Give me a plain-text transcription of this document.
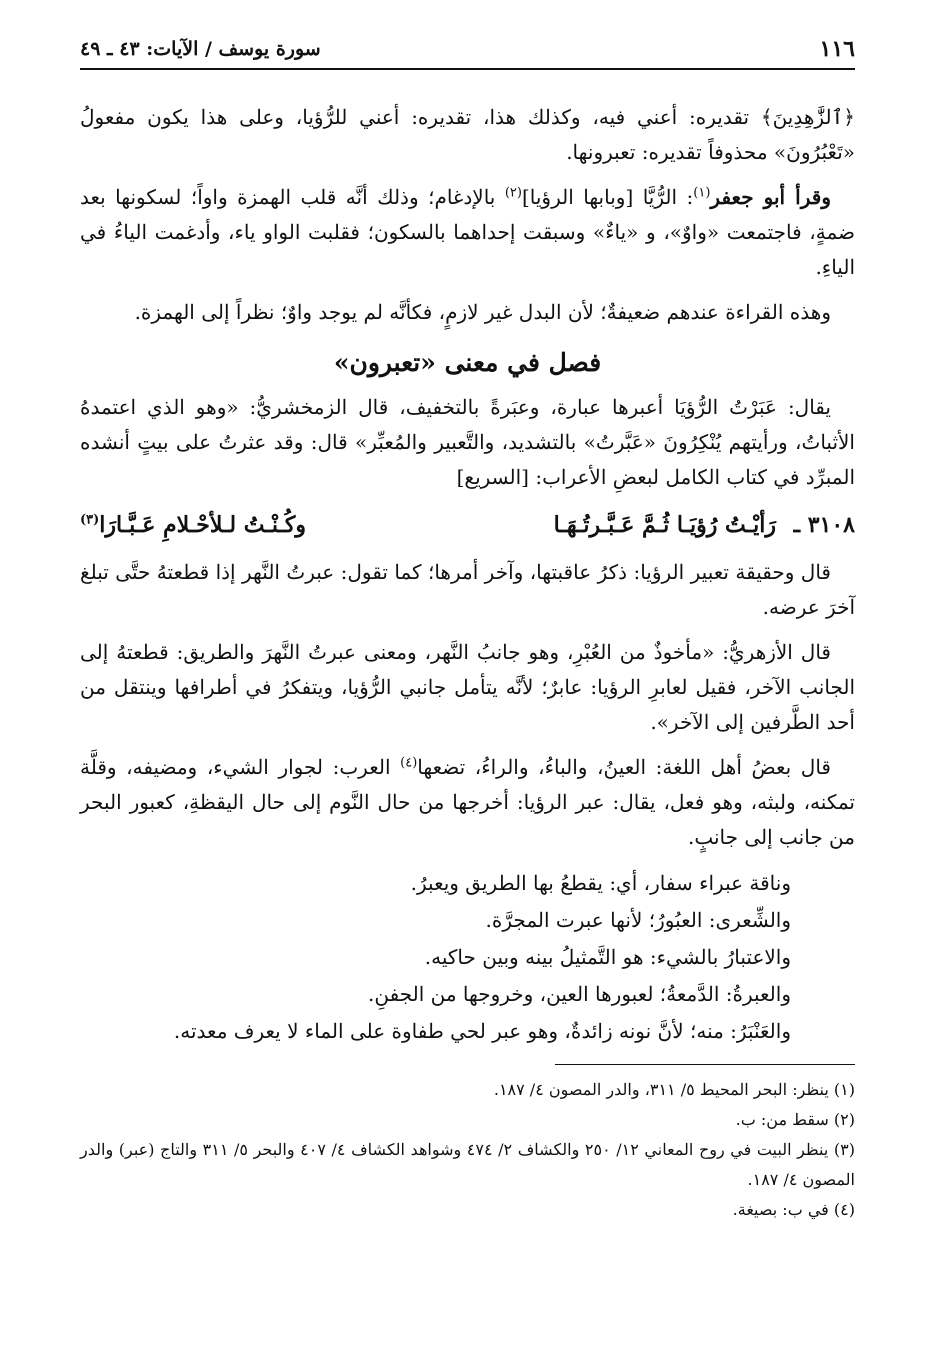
١١٦
سورة يوسف / الآيات: ٤٣ ـ ٤٩

﴿ٱلزَّٰهِدِينَ﴾ تقديره: أعني فيه، وكذلك هذا، تقديره: أعني للرُّؤيا، وعلى هذا يكون مفعولُ «تَعْبُرُونَ» محذوفاً تقديره: تعبرونها.

وقرأ أبو جعفر$^{(١)}$: الرُّيَّا [وبابها الرؤيا]$^{(٢)}$ بالإدغام؛ وذلك أنَّه قلب الهمزة واواً؛ لسكونها بعد ضمةٍ، فاجتمعت «واوٌ»، و «ياءٌ» وسبقت إحداهما بالسكون؛ فقلبت الواو ياء، وأدغمت الياءُ في الياءِ.

وهذه القراءة عندهم ضعيفةٌ؛ لأن البدل غير لازمٍ، فكأنَّه لم يوجد واوٌ؛ نظراً إلى الهمزة.

فصل في معنى «تعبرون»

يقال: عَبَرْتُ الرُّؤيَا أعبرها عبارة، وعبَرةً بالتخفيف، قال الزمخشريُّ: «وهو الذي اعتمدهُ الأثباتُ، ورأيتهم يُنْكِرُونَ «عَبَّرتُ» بالتشديد، والتَّعبير والمُعبِّر» قال: وقد عثرتُ على بيتٍ أنشده المبرِّد في كتاب الكامل لبعضِ الأعراب: [السريع]

٣١٠٨ ـ رَأيْـتُ رُؤيَـا ثُـمَّ عَـبَّـرتُـهَـا
وكُـنْـتُ لـلأحْـلامِ عَـبَّـارَا$^{(٣)}$

قال وحقيقة تعبير الرؤيا: ذكرُ عاقبتها، وآخر أمرها؛ كما تقول: عبرتُ النَّهر إذا قطعتهُ حتَّى تبلغ آخرَ عرضه.

قال الأزهريُّ: «مأخوذٌ من العُبْرِ، وهو جانبُ النَّهر، ومعنى عبرتُ النَّهرَ والطريق: قطعتهُ إلى الجانب الآخر، فقيل لعابرِ الرؤيا: عابرٌ؛ لأنَّه يتأمل جانبي الرُّؤيا، ويتفكرُ في أطرافها وينتقل من أحد الطَّرفين إلى الآخر».

قال بعضُ أهل اللغة: العينُ، والباءُ، والراءُ، تضعها$^{(٤)}$ العرب: لجوار الشيء، ومضيفه، وقلَّة تمكنه، ولبثه، وهو فعل، يقال: عبر الرؤيا: أخرجها من حال النَّوم إلى حال اليقظةِ، كعبور البحر من جانب إلى جانبٍ.

وناقة عبراء سفار، أي: يقطعُ بها الطريق ويعبرُ.
والشِّعرى: العبُورُ؛ لأنها عبرت المجرَّة.
والاعتبارُ بالشيء: هو التَّمثيلُ بينه وبين حاكيه.
والعبرةُ: الدَّمعةُ؛ لعبورها العين، وخروجها من الجفنِ.
والعَنْبَرُ: منه؛ لأنَّ نونه زائدةٌ، وهو عبر لحي طفاوة على الماء لا يعرف معدته.
(١) ينظر: البحر المحيط ٥/ ٣١١، والدر المصون ٤/ ١٨٧.
(٢) سقط من: ب.
(٣) ينظر البيت في روح المعاني ١٢/ ٢٥٠ والكشاف ٢/ ٤٧٤ وشواهد الكشاف ٤/ ٤٠٧ والبحر ٥/ ٣١١ والتاج (عبر) والدر المصون ٤/ ١٨٧.
(٤) في ب: بصيغة.
